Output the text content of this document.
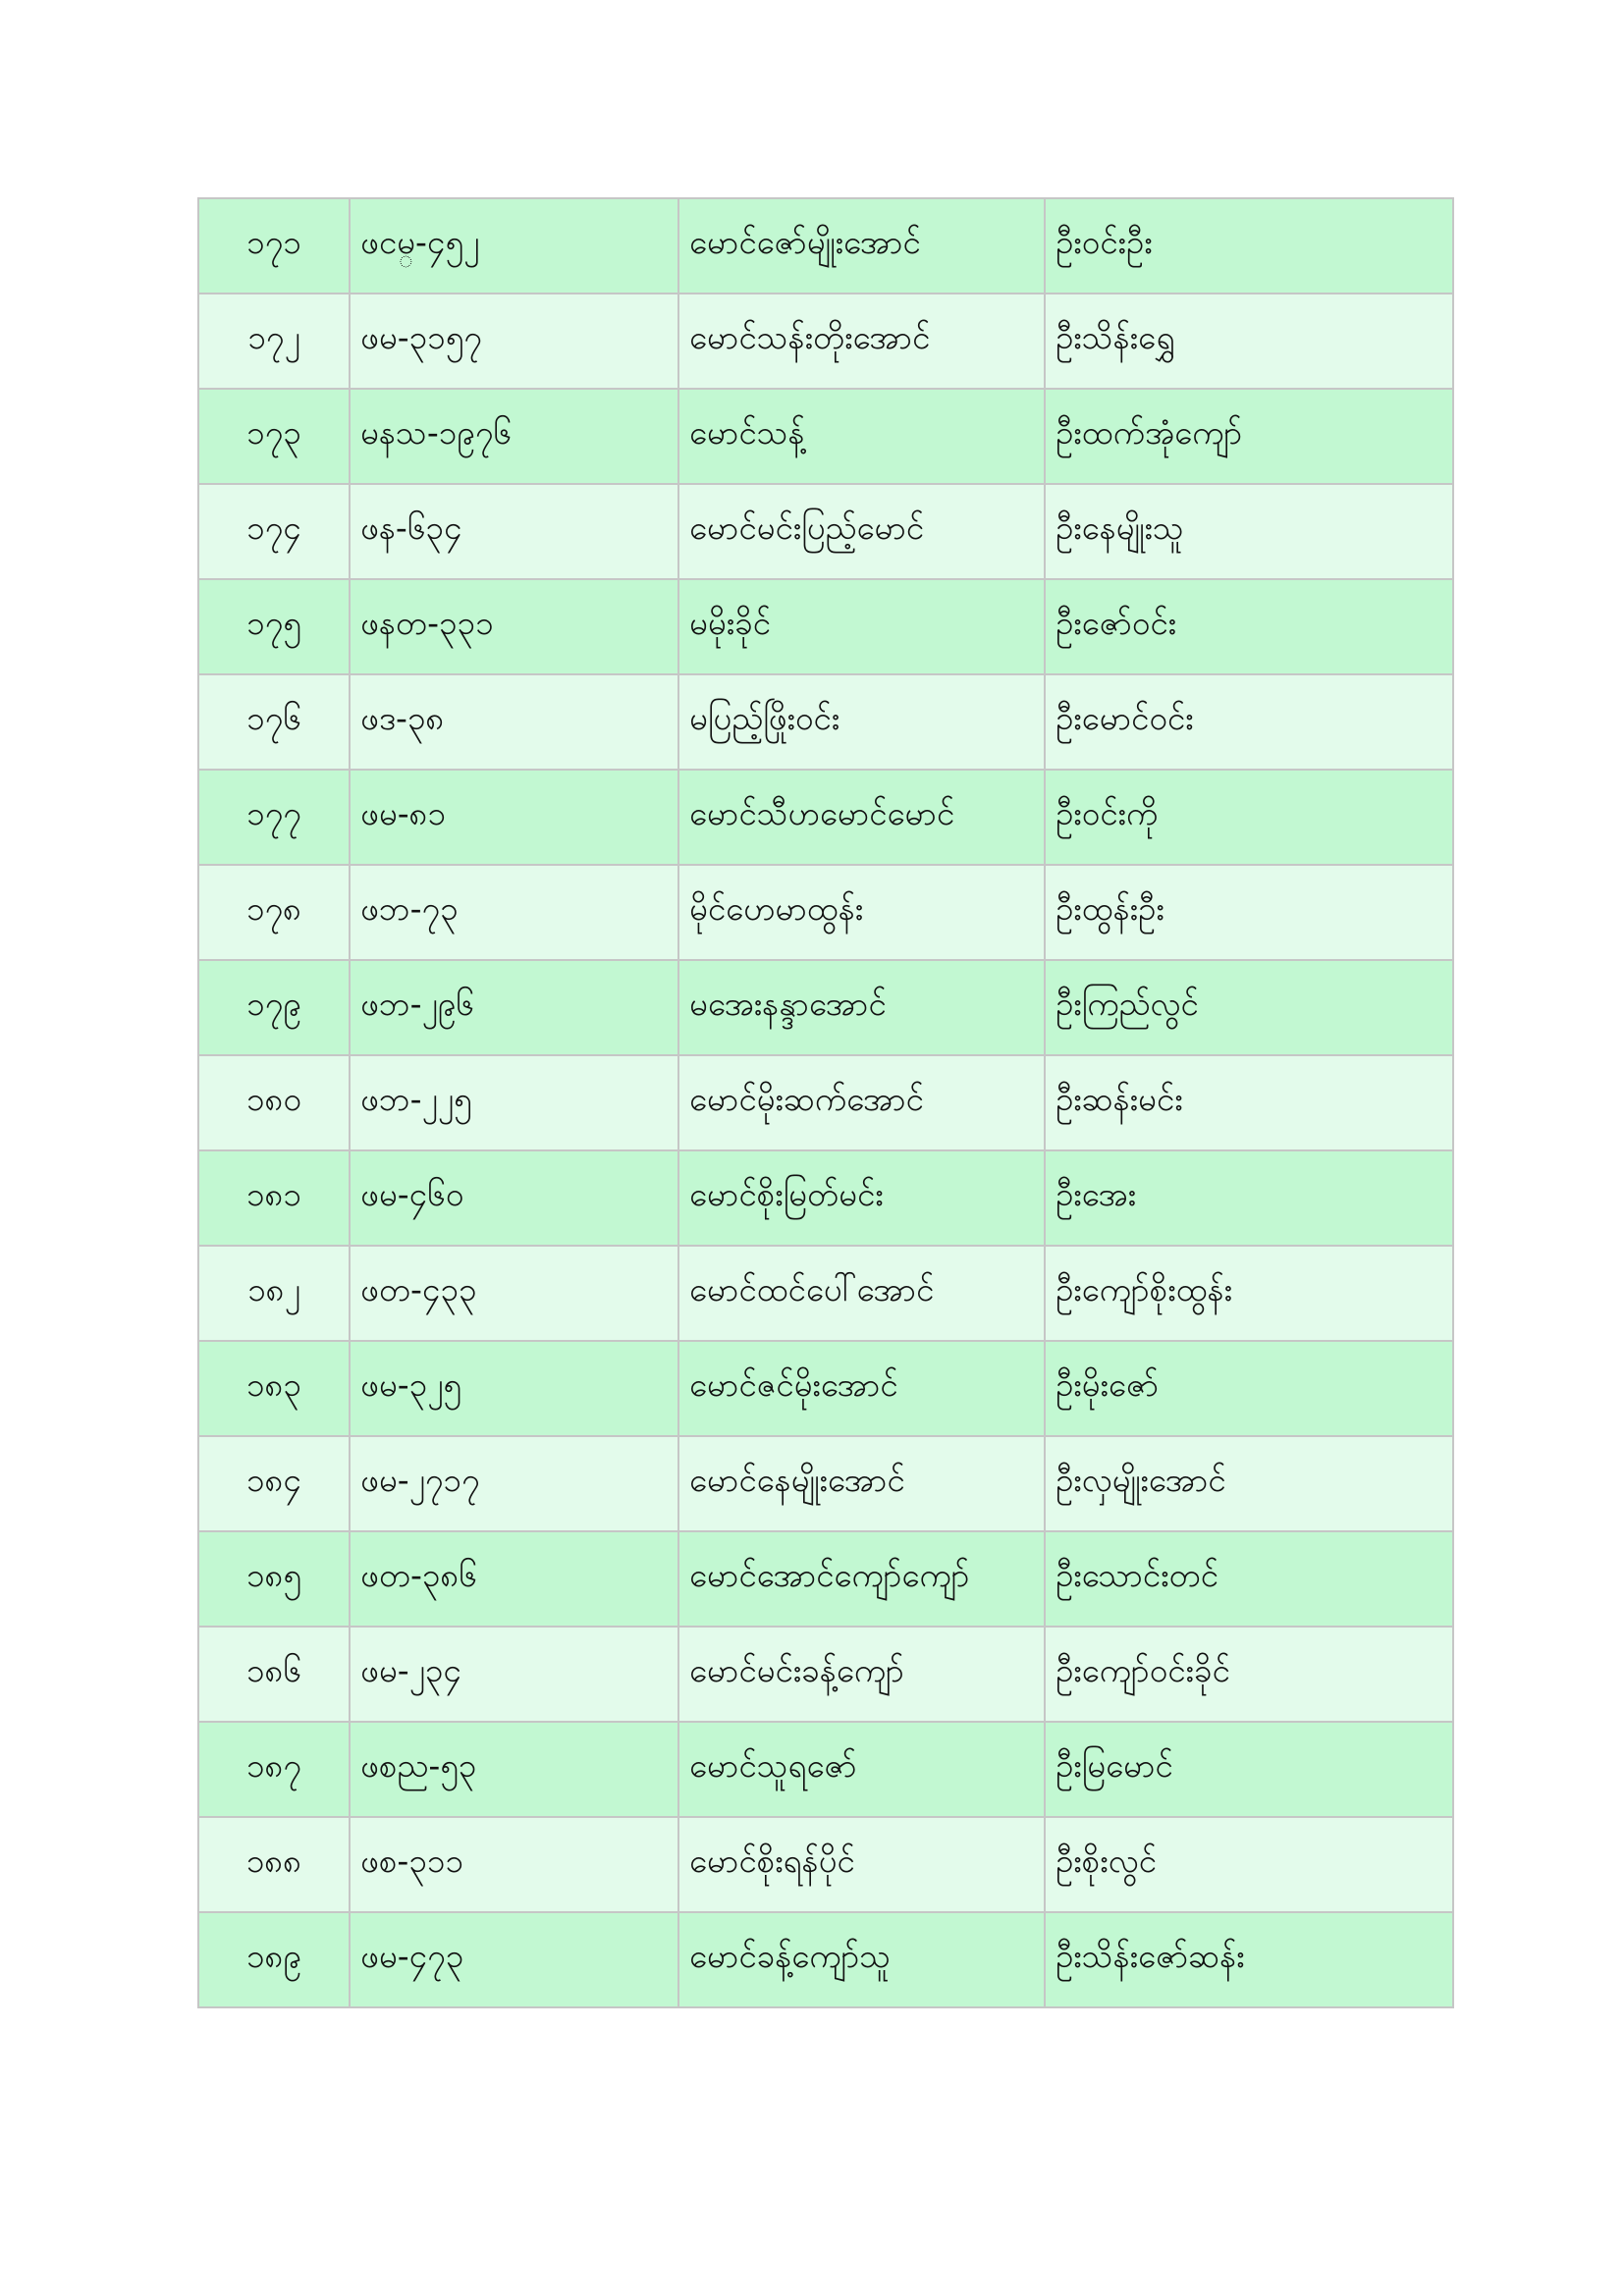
၁၇၁	ဖငမ္-၄၅၂	မောင်ဇော်မျိုးအောင်	ဦးဝင်းဦး
၁၇၂	ဖမ-၃၁၅၇	မောင်သန်းတိုးအောင်	ဦးသိန်းရွှေ
၁၇၃	မနသ-၁၉၇၆	မောင်သန့်	ဦးထက်အုံကျော်
၁၇၄	ဖန-၆၃၄	မောင်မင်းပြည့်မောင်	ဦးနေမျိုးသူ
၁၇၅	ဖနတ-၃၃၁	မမိုးခိုင်	ဦးဇော်ဝင်း
၁၇၆	ဖဒ-၃၈	မပြည့်ဖြိုးဝင်း	ဦးမောင်ဝင်း
၁၇၇	ဖမ-၈၁	မောင်သီဟမောင်မောင်	ဦးဝင်းကို
၁၇၈	ဖဘ-၇၃	မိုင်ဟေမာထွန်း	ဦးထွန်းဦး
၁၇၉	ဖဘ-၂၉၆	မအေးနန္ဒာအောင်	ဦးကြည်လွင်
၁၈၀	ဖဘ-၂၂၅	မောင်မိုးဆက်အောင်	ဦးဆန်းမင်း
၁၈၁	ဖမ-၄၆၀	မောင်စိုးမြတ်မင်း	ဦးအေး
၁၈၂	ဖတ-၄၃၃	မောင်ထင်ပေါ်အောင်	ဦးကျော်စိုးထွန်း
၁၈၃	ဖမ-၃၂၅	မောင်ဇင်မိုးအောင်	ဦးမိုးဇော်
၁၈၄	ဖမ-၂၇၁၇	မောင်နေမျိုးအောင်	ဦးလှမျိုးအောင်
၁၈၅	ဖတ-၃၈၆	မောင်အောင်ကျော်ကျော်	ဦးသောင်းတင်
၁၈၆	ဖမ-၂၃၄	မောင်မင်းခန့်ကျော်	ဦးကျော်ဝင်းခိုင်
၁၈၇	ဖစည-၅၃	မောင်သူရဇော်	ဦးမြမောင်
၁၈၈	ဖစ-၃၁၁	မောင်စိုးရန်ပိုင်	ဦးစိုးလွင်
၁၈၉	ဖမ-၄၇၃	မောင်ခန့်ကျော်သူ	ဦးသိန်းဇော်ဆန်း
